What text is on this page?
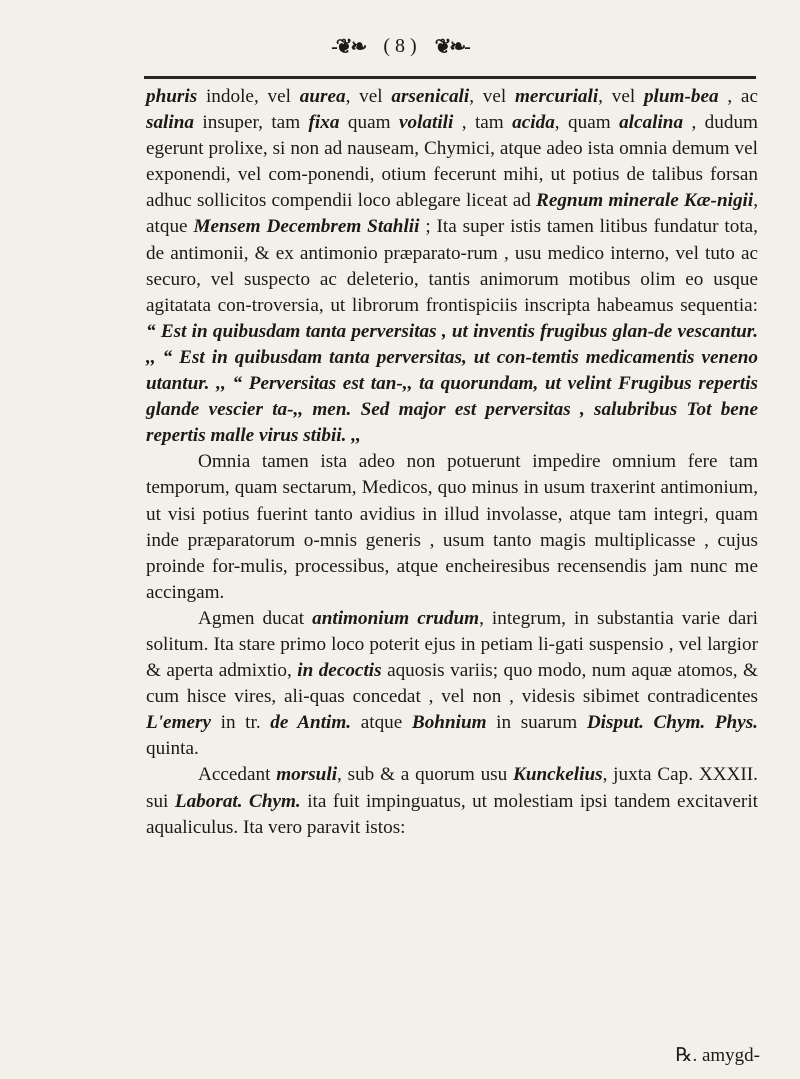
-❦❧ ( 8 ) ❦❧-

phuris indole, vel aurea, vel arsenicali, vel mercuriali, vel plum-bea , ac salina insuper, tam fixa quam volatili , tam acida, quam alcalina , dudum egerunt prolixe, si non ad nauseam, Chymici, atque adeo ista omnia demum vel exponendi, vel com-ponendi, otium fecerunt mihi, ut potius de talibus forsan adhuc sollicitos compendii loco ablegare liceat ad Regnum minerale Kæ-nigii, atque Mensem Decembrem Stahlii ; Ita super istis tamen litibus fundatur tota, de antimonii, & ex antimonio præparato-rum , usu medico interno, vel tuto ac securo, vel suspecto ac deleterio, tantis animorum motibus olim eo usque agitatata con-troversia, ut librorum frontispiciis inscripta habeamus sequentia: “ Est in quibusdam tanta perversitas , ut inventis frugibus glan-de vescantur. ,, “ Est in quibusdam tanta perversitas, ut con-temtis medicamentis veneno utantur. ,, “ Perversitas est tan-,, ta quorundam, ut velint Frugibus repertis glande vescier ta-,, men. Sed major est perversitas , salubribus Tot bene repertis malle virus stibii. ,,

Omnia tamen ista adeo non potuerunt impedire omnium fere tam temporum, quam sectarum, Medicos, quo minus in usum traxerint antimonium, ut visi potius fuerint tanto avidius in illud involasse, atque tam integri, quam inde præparatorum o-mnis generis , usum tanto magis multiplicasse , cujus proinde for-mulis, processibus, atque encheiresibus recensendis jam nunc me accingam.

Agmen ducat antimonium crudum, integrum, in substantia varie dari solitum. Ita stare primo loco poterit ejus in petiam li-gati suspensio , vel largior & aperta admixtio, in decoctis aquosis variis; quo modo, num aquæ atomos, & cum hisce vires, ali-quas concedat , vel non , videsis sibimet contradicentes L'emery in tr. de Antim. atque Bohnium in suarum Disput. Chym. Phys. quinta.

Accedant morsuli, sub & a quorum usu Kunckelius, juxta Cap. XXXII. sui Laborat. Chym. ita fuit impinguatus, ut molestiam ipsi tandem excitaverit aqualiculus. Ita vero paravit istos:

℞. amygd-
